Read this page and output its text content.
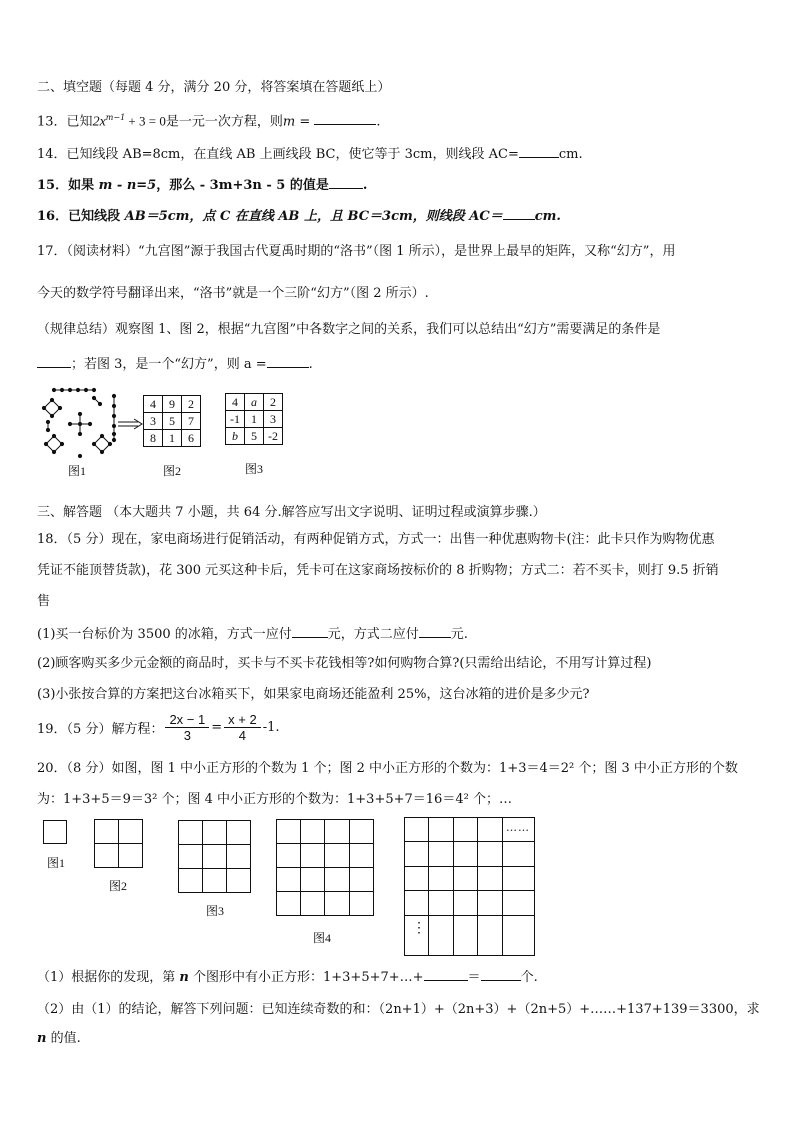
二、填空题（每题 4 分，满分 20 分，将答案填在答题纸上）
13．已知$2x^{m-1} + 3 = 0$是一元一次方程，则m =	.
14．已知线段 AB=8cm，在直线 AB 上画线段 BC，使它等于 3cm，则线段 AC=	cm.
15．如果 m - n=5，那么 - 3m+3n - 5 的值是	.
16．已知线段 AB＝5cm，点 C 在直线 AB 上，且 BC＝3cm，则线段 AC＝ cm.
17．（阅读材料）“九宫图”源于我国古代夏禹时期的“洛书”（图 1 所示），是世界上最早的矩阵，又称“幻方”，用
今天的数学符号翻译出来，“洛书”就是一个三阶“幻方”（图 2 所示）.
（规律总结）观察图 1、图 2，根据“九宫图”中各数字之间的关系，我们可以总结出“幻方”需要满足的条件是
；若图 3，是一个“幻方”，则 a =	.
图1
4	9	2
3	5	7
8	1	6
图2
4	a	2
-1	1	3
b	5	-2
图3
三、解答题 （本大题共 7 小题，共 64 分.解答应写出文字说明、证明过程或演算步骤.）
18．（5 分）现在，家电商场进行促销活动，有两种促销方式，方式一：出售一种优惠购物卡(注：此卡只作为购物优惠
凭证不能顶替货款)，花 300 元买这种卡后，凭卡可在这家商场按标价的 8 折购物；方式二：若不买卡，则打 9.5 折销
售
(1)买一台标价为 3500 的冰箱，方式一应付	元，方式二应付 元.
(2)顾客购买多少元金额的商品时，买卡与不买卡花钱相等?如何购物合算?(只需给出结论，不用写计算过程)
(3)小张按合算的方案把这台冰箱买下，如果家电商场还能盈利 25%，这台冰箱的进价是多少元?
19．（5 分）解方程： $\frac{2x - 1}{3} = \frac{x + 2}{4} -1$.
20．（8 分）如图，图 1 中小正方形的个数为 1 个；图 2 中小正方形的个数为：1+3＝4＝2² 个；图 3 中小正方形的个数
为：1+3+5＝9＝3² 个；图 4 中小正方形的个数为：1+3+5+7＝16＝4² 个；…
图1
图2
图3
图4
……
⋮
（1）根据你的发现，第 n 个图形中有小正方形：1+3+5+7+…+	＝	个.
（2）由（1）的结论，解答下列问题：已知连续奇数的和：（2n+1）+（2n+3）+（2n+5）+……+137+139＝3300，求
n 的值.
